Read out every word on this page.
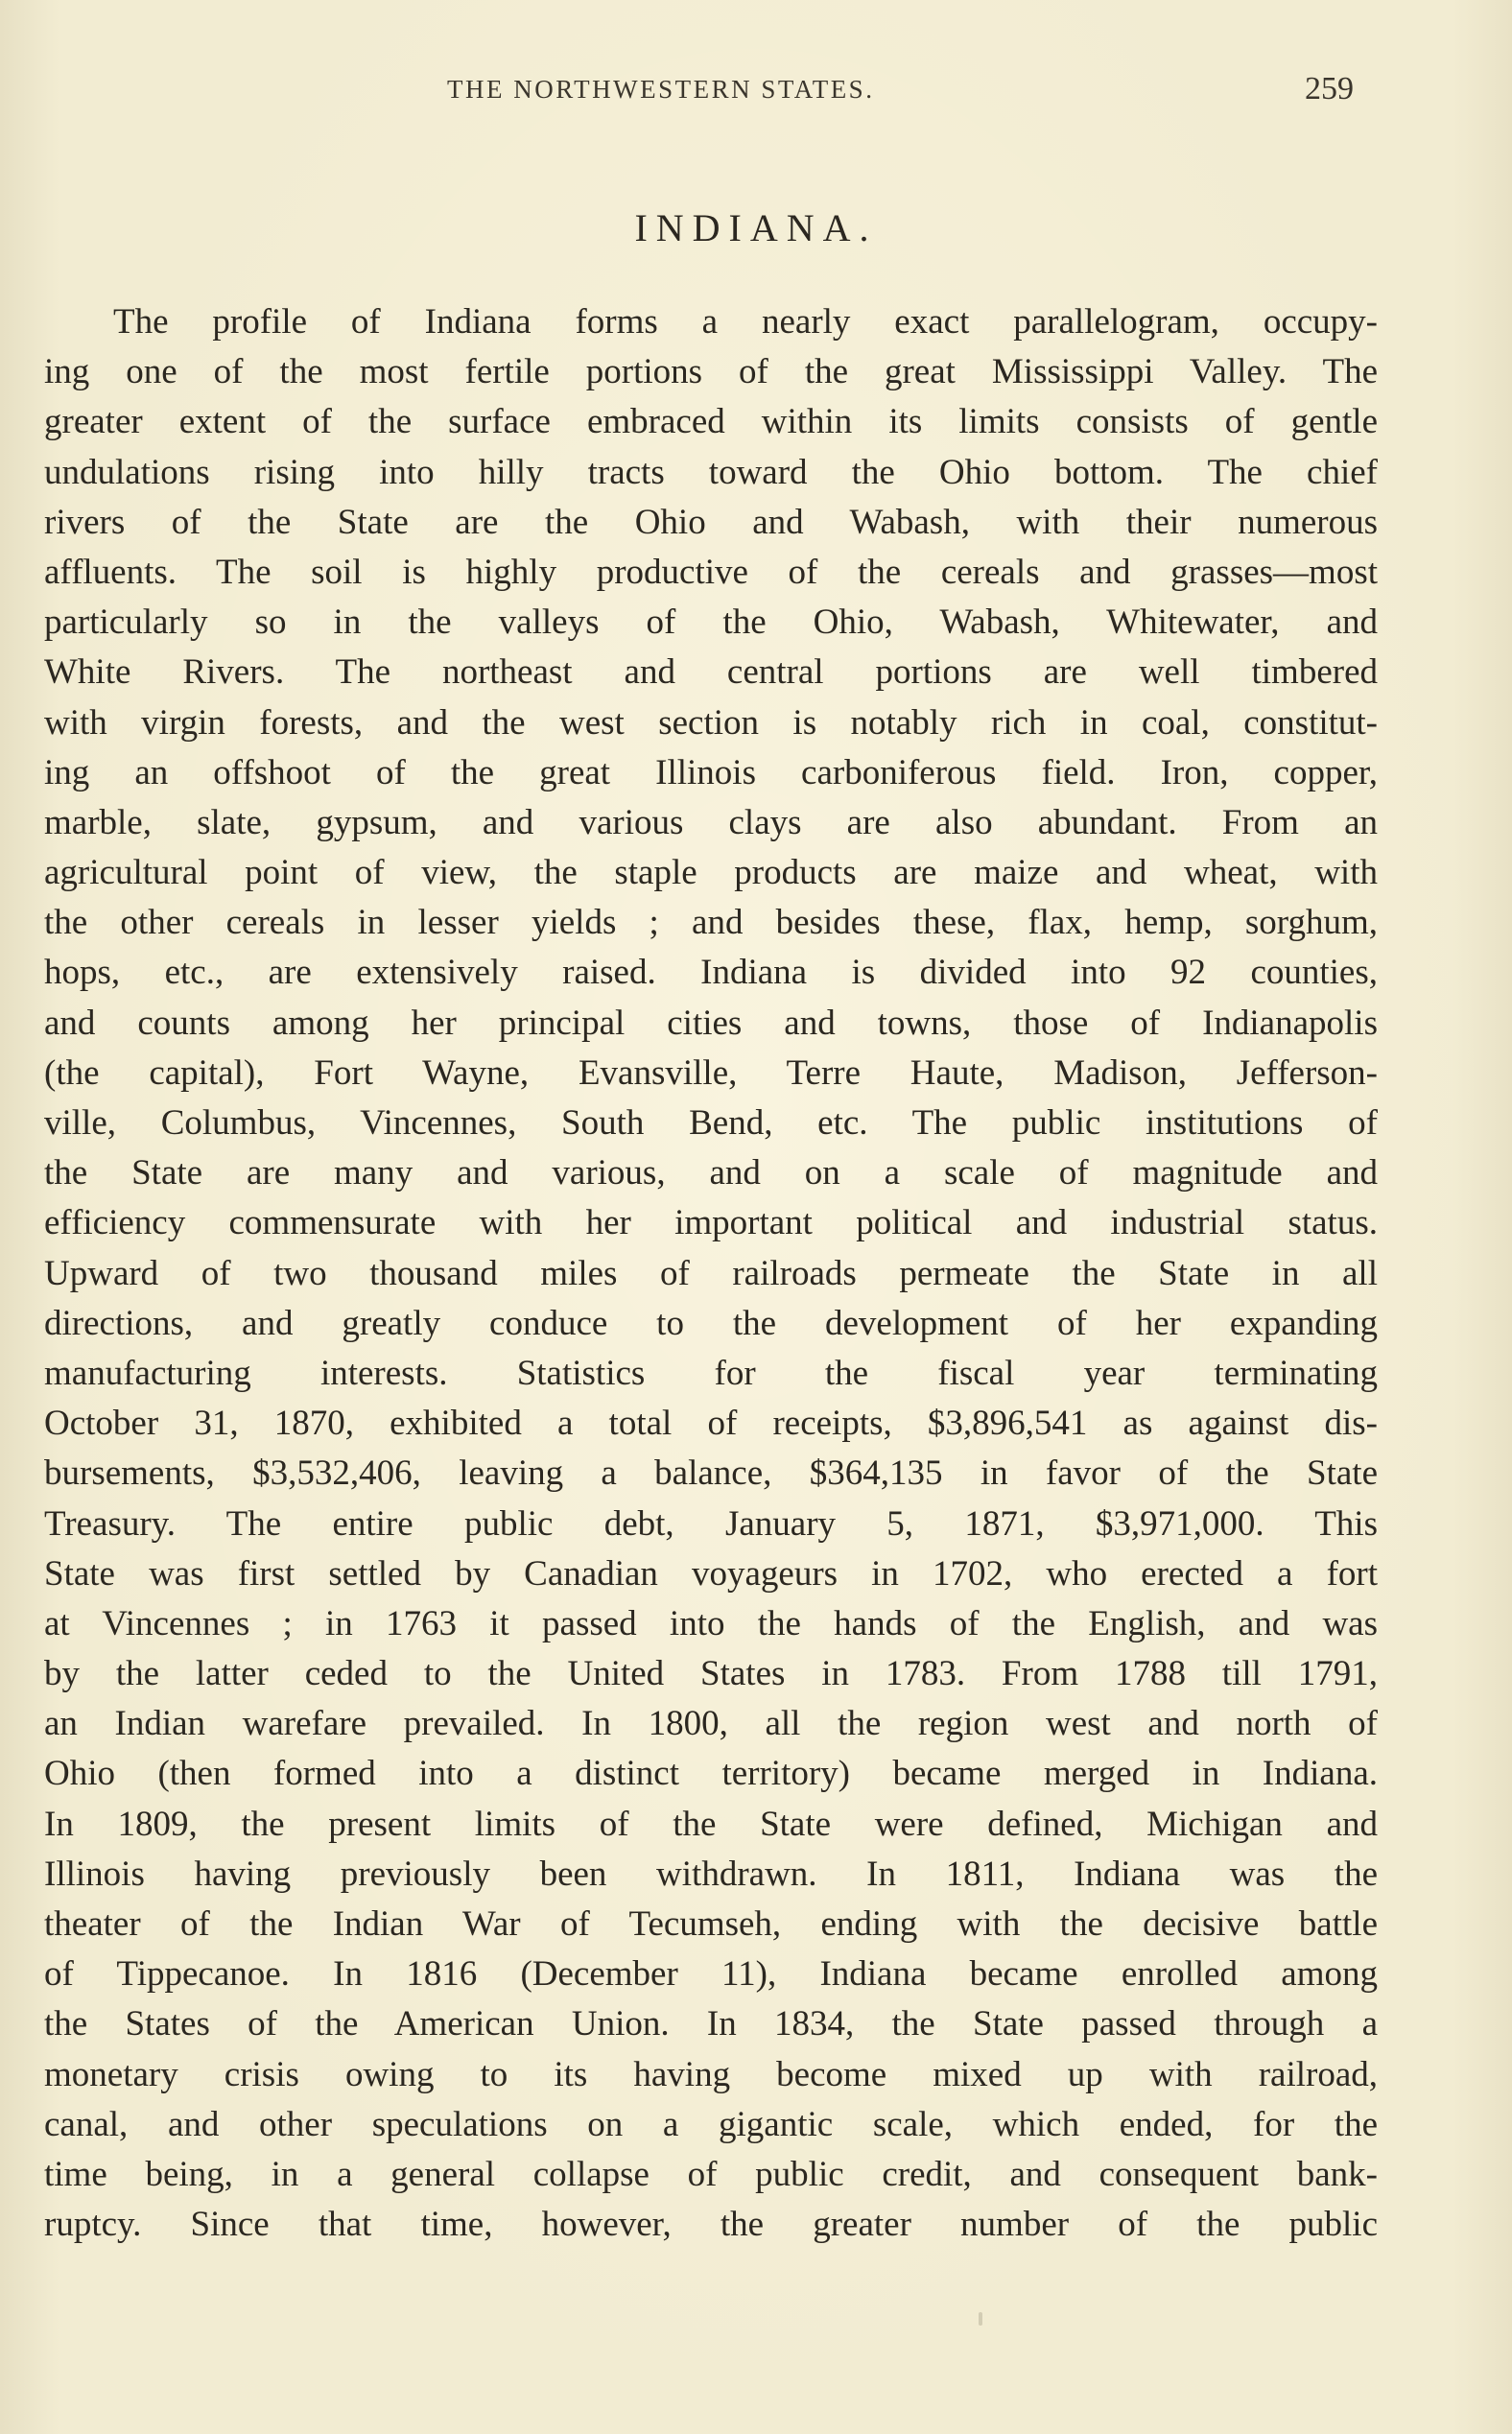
THE NORTHWESTERN STATES.	259
INDIANA.
The profile of Indiana forms a nearly exact parallelogram, occupy-
ing one of the most fertile portions of the great Mississippi Valley. The
greater extent of the surface embraced within its limits consists of gentle
undulations rising into hilly tracts toward the Ohio bottom. The chief
rivers of the State are the Ohio and Wabash, with their numerous
affluents. The soil is highly productive of the cereals and grasses—most
particularly so in the valleys of the Ohio, Wabash, Whitewater, and
White Rivers. The northeast and central portions are well timbered
with virgin forests, and the west section is notably rich in coal, constitut-
ing an offshoot of the great Illinois carboniferous field. Iron, copper,
marble, slate, gypsum, and various clays are also abundant. From an
agricultural point of view, the staple products are maize and wheat, with
the other cereals in lesser yields ; and besides these, flax, hemp, sorghum,
hops, etc., are extensively raised. Indiana is divided into 92 counties,
and counts among her principal cities and towns, those of Indianapolis
(the capital), Fort Wayne, Evansville, Terre Haute, Madison, Jefferson-
ville, Columbus, Vincennes, South Bend, etc. The public institutions of
the State are many and various, and on a scale of magnitude and
efficiency commensurate with her important political and industrial status.
Upward of two thousand miles of railroads permeate the State in all
directions, and greatly conduce to the development of her expanding
manufacturing interests. Statistics for the fiscal year terminating
October 31, 1870, exhibited a total of receipts, $3,896,541 as against dis-
bursements, $3,532,406, leaving a balance, $364,135 in favor of the State
Treasury. The entire public debt, January 5, 1871, $3,971,000. This
State was first settled by Canadian voyageurs in 1702, who erected a fort
at Vincennes ; in 1763 it passed into the hands of the English, and was
by the latter ceded to the United States in 1783. From 1788 till 1791,
an Indian warefare prevailed. In 1800, all the region west and north of
Ohio (then formed into a distinct territory) became merged in Indiana.
In 1809, the present limits of the State were defined, Michigan and
Illinois having previously been withdrawn. In 1811, Indiana was the
theater of the Indian War of Tecumseh, ending with the decisive battle
of Tippecanoe. In 1816 (December 11), Indiana became enrolled among
the States of the American Union. In 1834, the State passed through a
monetary crisis owing to its having become mixed up with railroad,
canal, and other speculations on a gigantic scale, which ended, for the
time being, in a general collapse of public credit, and consequent bank-
ruptcy. Since that time, however, the greater number of the public
